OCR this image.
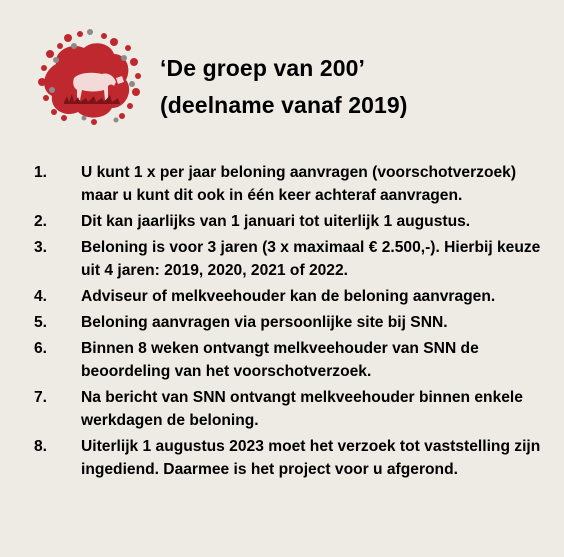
‘De groep van 200’
(deelname vanaf 2019)
1.	U kunt 1 x per jaar beloning aanvragen (voorschotverzoek) maar u kunt dit ook in één keer achteraf aanvragen.
2.	Dit kan jaarlijks van 1 januari tot uiterlijk 1 augustus.
3.	Beloning is voor 3 jaren (3 x maximaal € 2.500,-). Hierbij keuze uit 4 jaren: 2019, 2020, 2021 of 2022.
4.	Adviseur of melkveehouder kan de beloning aanvragen.
5.	Beloning aanvragen via persoonlijke site bij SNN.
6.	Binnen 8 weken ontvangt melkveehouder van SNN de beoordeling van het voorschotverzoek.
7.	Na bericht van SNN ontvangt melkveehouder binnen enkele werkdagen de beloning.
8.	Uiterlijk 1 augustus 2023 moet het verzoek tot vaststelling zijn ingediend. Daarmee is het project voor u afgerond.
